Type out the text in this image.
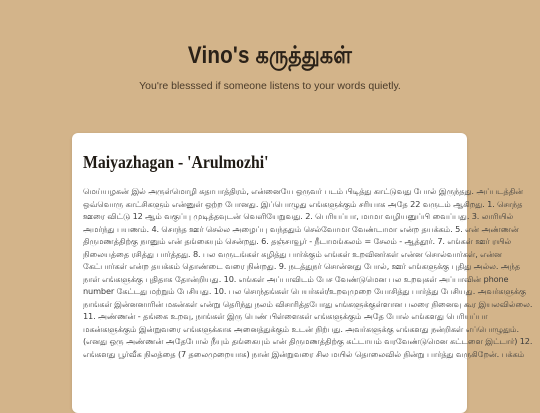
Vino's கருத்துகள்
You're blesssed if someone listens to your words quietly.
Maiyazhagan - 'Arulmozhi'
மெய்யழகன் இல் அருள்மொழி கதாபாத்திரம், என்னையே ஒருவர் படம் பிடித்து காட்டுவது போல் இருந்தது. அப்படத்தின்
ஒவ்வொரு காட்சிகளும் என்னுள் ஒற்ற போனது. இப்பொழுது எங்களுக்கும் சரியாக அதே 22 வருடம் ஆகிறது. 1. சொந்த
ஊரை விட்டு 12 ஆம் வகுப்பு முடித்தவுடன் வெளியேறுவது. 2. பெரியப்பா, மாமா வழியனுப்பி வைப்பது. 3. லாரியில்
அமர்ந்து பயணம். 4. சொந்த ஊர் செல்ல அழைப்பு வந்ததும் செல்வோமா வேண்டாமா என்ற தயக்கம். 5. என் அண்ணன்
திருமணத்திற்கு நானும் என் தங்கையும் சென்றது. 6. தஞ்சாவூர் - நீடாமங்கலம் = சேலம் - ஆத்தூர். 7. எங்கள் ஊர் ரயில்
நிலையத்தை ரசித்து பார்த்தது. 8. பல வருடங்கள் கழித்து பார்க்கும் எங்கள் உறவினர்கள் என்ன சொல்வார்கள், என்ன
கேட்பார்கள் என்ற தயக்கம் தொண்டை வரை நின்றது. 9. நடத்துநர் சொன்னது போல், ஊர் எங்களுக்கு புதிது அல்ல. அந்த
நாள் எங்களுக்கு புதிதாக தோன்றியது. 10. எங்கள் அப்பாவிடம் பேச வேண்டுமென பல உறவுகள் அப்பாவின் phone
number கேட்டது மற்றும் பேசியது. 10. பல சொந்தங்கள் பெயர்கள்/உறவுமுறை யோசித்து பார்த்து பேசியது. அவர்களுக்கு
நாங்கள் இன்னனாரின் மகன்கள் என்று தெரிந்து நலம் விசாரித்தபோது எங்களுக்குள்ளான பலரை நினைவு கூர இயலவில்லை.
11. அண்ணன் - தங்கை உறவு, நாங்கள் இரு பெண் பிள்ளைகள் எங்களுக்கும் அதே போல் எங்களது பெரியப்பா
மகன்களுக்கும் இன்றுவரை எங்களுக்காக அனைத்துக்கும் உடன் நிற்பது. அவர்களுக்கு எங்களது நன்றிகள் எப்பொழுதும்.
(எனது ஒரு அண்ணன் அதேபோல் நீயும் தங்கையும் என் திருமணத்திற்கு கட்டாயம் வரவேண்டுமென கட்டளை இட்டார்) 12.
எங்களது பூர்வீக நிலத்தை (7 தலைமுறையாக) நான் இன்றுவரை சில மயில் தொலைவில் நின்று பார்த்து வருகிறேன். பக்கம்
